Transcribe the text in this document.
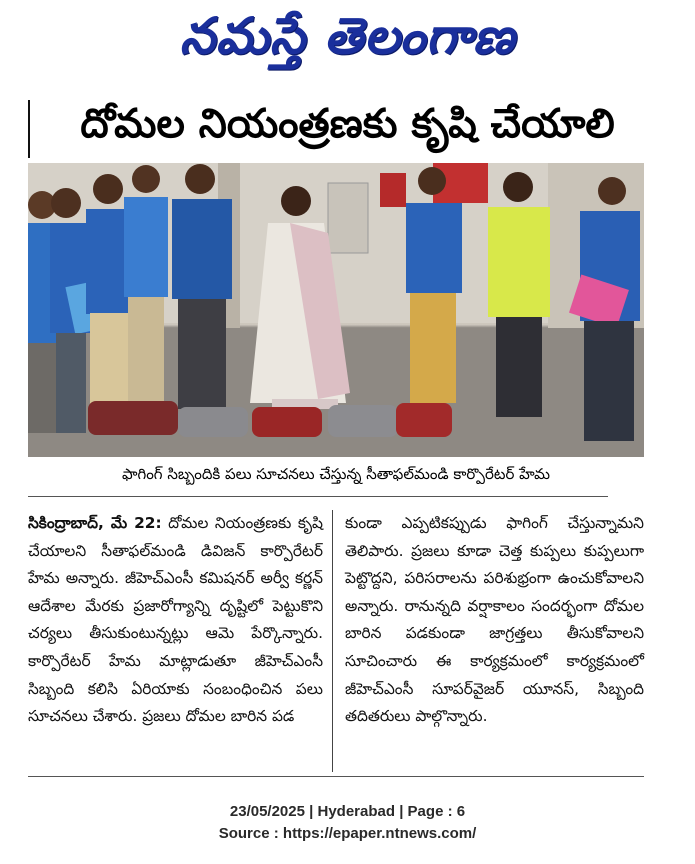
నమస్తే తెలంగాణ
దోమల నియంత్రణకు కృషి చేయాలి
ఫాగింగ్ సిబ్బందికి పలు సూచనలు చేస్తున్న సీతాఫల్‌మండి కార్పొరేటర్ హేమ
సికింద్రాబాద్, మే 22: దోమల నియంత్రణకు కృషి చేయాలని సీతాఫల్‌మండి డివిజన్ కార్పొరేటర్ హేమ అన్నారు. జీహెచ్‌ఎంసీ కమిషనర్ అర్వీ కర్ణన్ ఆదేశాల మేరకు ప్రజారోగ్యాన్ని దృష్టిలో పెట్టుకొని చర్యలు తీసుకుంటున్నట్లు ఆమె పేర్కొన్నారు. కార్పొరేటర్ హేమ మాట్లాడుతూ జీహెచ్‌ఎంసీ సిబ్బంది కలిసి ఏరియాకు సంబంధించిన పలు సూచనలు చేశారు. ప్రజలు దోమల బారిన పడ
కుండా ఎప్పటికప్పుడు ఫాగింగ్ చేస్తున్నామని తెలిపారు. ప్రజలు కూడా చెత్త కుప్పలు కుప్పలుగా పెట్టొద్దని, పరిసరాలను పరిశుభ్రంగా ఉంచుకోవాలని అన్నారు. రానున్నది వర్షాకాలం సందర్భంగా దోమల బారిన పడకుండా జాగ్రత్తలు తీసుకోవాలని సూచించారు ఈ కార్యక్రమంలో కార్యక్రమంలో జీహెచ్‌ఎంసీ సూపర్‌వైజర్ యూనస్, సిబ్బంది తదితరులు పాల్గొన్నారు.
23/05/2025 | Hyderabad | Page : 6
Source : https://epaper.ntnews.com/
